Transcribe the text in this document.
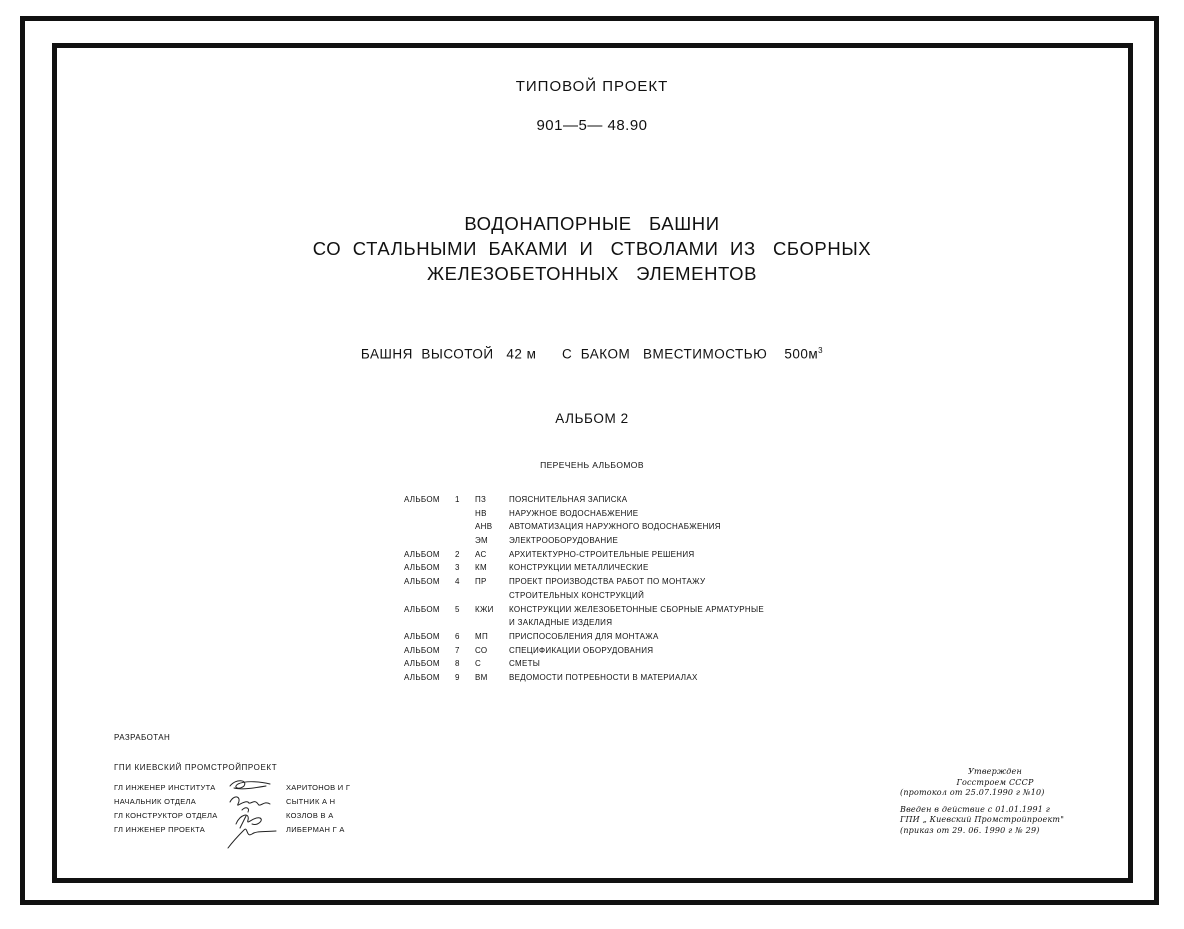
ТИПОВОЙ ПРОЕКТ
901—5— 48.90
ВОДОНАПОРНЫЕ   БАШНИ
СО  СТАЛЬНЫМИ  БАКАМИ  И   СТВОЛАМИ  ИЗ   СБОРНЫХ
ЖЕЛЕЗОБЕТОННЫХ   ЭЛЕМЕНТОВ
БАШНЯ  ВЫСОТОЙ 42 м С  БАКОМ   ВМЕСТИМОСТЬЮ $500м^3$
АЛЬБОМ 2
ПЕРЕЧЕНЬ АЛЬБОМОВ
АЛЬБОМ	1 ПЗ	ПОЯСНИТЕЛЬНАЯ ЗАПИСКА
НВ	НАРУЖНОЕ ВОДОСНАБЖЕНИЕ
АНВ АВТОМАТИЗАЦИЯ НАРУЖНОГО ВОДОСНАБЖЕНИЯ
ЭМ	ЭЛЕКТРООБОРУДОВАНИЕ
АЛЬБОМ	2 АС	АРХИТЕКТУРНО-СТРОИТЕЛЬНЫЕ РЕШЕНИЯ
АЛЬБОМ	3 КМ	КОНСТРУКЦИИ МЕТАЛЛИЧЕСКИЕ
АЛЬБОМ	4 ПР	ПРОЕКТ ПРОИЗВОДСТВА РАБОТ ПО МОНТАЖУ
СТРОИТЕЛЬНЫХ КОНСТРУКЦИЙ
АЛЬБОМ	5 КЖИ КОНСТРУКЦИИ ЖЕЛЕЗОБЕТОННЫЕ СБОРНЫЕ АРМАТУРНЫЕ
И ЗАКЛАДНЫЕ ИЗДЕЛИЯ
АЛЬБОМ	6 МП	ПРИСПОСОБЛЕНИЯ ДЛЯ МОНТАЖА
АЛЬБОМ	7 СО	СПЕЦИФИКАЦИИ ОБОРУДОВАНИЯ
АЛЬБОМ	8 С	СМЕТЫ
АЛЬБОМ	9 ВМ	ВЕДОМОСТИ ПОТРЕБНОСТИ В МАТЕРИАЛАХ
РАЗРАБОТАН
ГПИ КИЕВСКИЙ ПРОМСТРОЙПРОЕКТ
ГЛ ИНЖЕНЕР ИНСТИТУТА	ХАРИТОНОВ И Г
НАЧАЛЬНИК ОТДЕЛА	СЫТНИК А Н
ГЛ КОНСТРУКТОР ОТДЕЛА	КОЗЛОВ В А
ГЛ ИНЖЕНЕР ПРОЕКТА	ЛИБЕРМАН Г А
Утвержден
Госстроем СССР
(протокол от 25.07.1990 г №10)
Введен в действие с 01.01.1991 г
ГПИ „ Киевский Промстройпроект"
(приказ от 29. 06. 1990 г № 29)
